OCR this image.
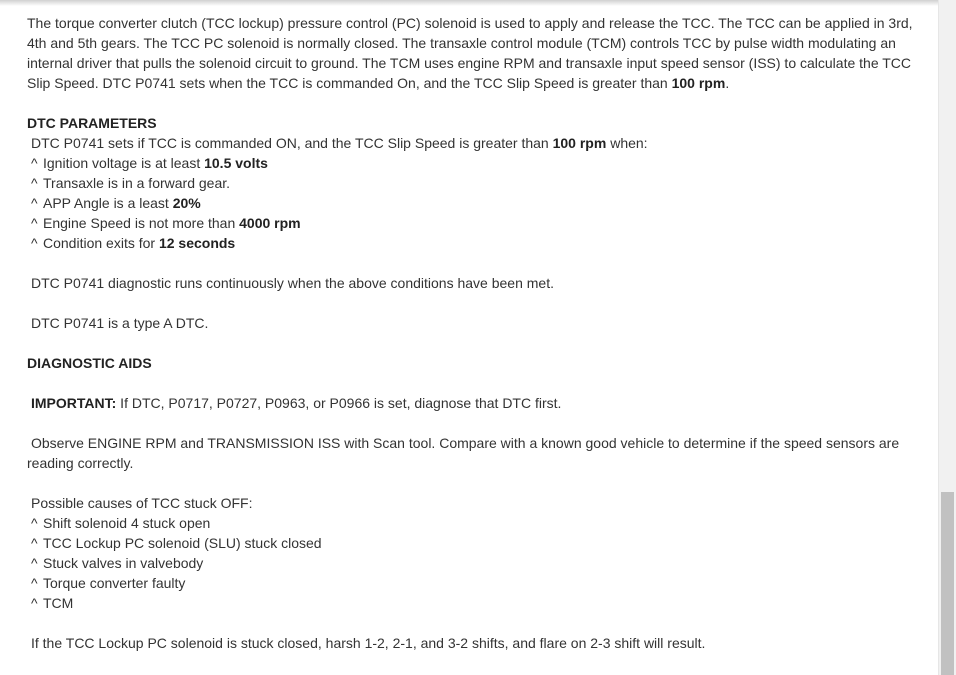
The torque converter clutch (TCC lockup) pressure control (PC) solenoid is used to apply and release the TCC. The TCC can be applied in 3rd, 4th and 5th gears. The TCC PC solenoid is normally closed. The transaxle control module (TCM) controls TCC by pulse width modulating an internal driver that pulls the solenoid circuit to ground. The TCM uses engine RPM and transaxle input speed sensor (ISS) to calculate the TCC Slip Speed. DTC P0741 sets when the TCC is commanded On, and the TCC Slip Speed is greater than 100 rpm.

DTC PARAMETERS

DTC P0741 sets if TCC is commanded ON, and the TCC Slip Speed is greater than 100 rpm when:

^ Ignition voltage is at least 10.5 volts
^ Transaxle is in a forward gear.
^ APP Angle is a least 20%
^ Engine Speed is not more than 4000 rpm
^ Condition exits for 12 seconds

DTC P0741 diagnostic runs continuously when the above conditions have been met.

DTC P0741 is a type A DTC.

DIAGNOSTIC AIDS

IMPORTANT: If DTC, P0717, P0727, P0963, or P0966 is set, diagnose that DTC first.

Observe ENGINE RPM and TRANSMISSION ISS with Scan tool. Compare with a known good vehicle to determine if the speed sensors are reading correctly.

Possible causes of TCC stuck OFF:

^ Shift solenoid 4 stuck open
^ TCC Lockup PC solenoid (SLU) stuck closed
^ Stuck valves in valvebody
^ Torque converter faulty
^ TCM

If the TCC Lockup PC solenoid is stuck closed, harsh 1-2, 2-1, and 3-2 shifts, and flare on 2-3 shift will result.
